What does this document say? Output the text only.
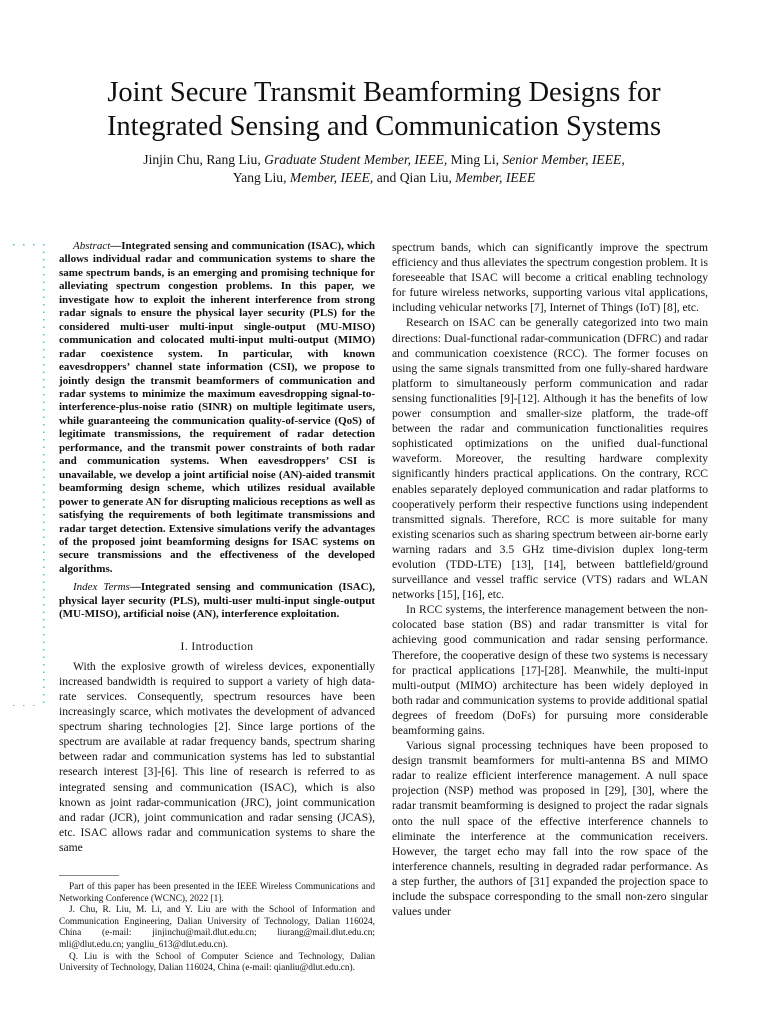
Joint Secure Transmit Beamforming Designs for
Integrated Sensing and Communication Systems
Jinjin Chu, Rang Liu, Graduate Student Member, IEEE, Ming Li, Senior Member, IEEE,
Yang Liu, Member, IEEE, and Qian Liu, Member, IEEE

Abstract—Integrated sensing and communication (ISAC), which allows individual radar and communication systems to share the same spectrum bands, is an emerging and promising technique for alleviating spectrum congestion problems. In this paper, we investigate how to exploit the inherent interference from strong radar signals to ensure the physical layer security (PLS) for the considered multi-user multi-input single-output (MU-MISO) communication and colocated multi-input multi-output (MIMO) radar coexistence system. In particular, with known eavesdroppers’ channel state information (CSI), we propose to jointly design the transmit beamformers of communication and radar systems to minimize the maximum eavesdropping signal-to-interference-plus-noise ratio (SINR) on multiple legitimate users, while guaranteeing the communication quality-of-service (QoS) of legitimate transmissions, the requirement of radar detection performance, and the transmit power constraints of both radar and communication systems. When eavesdroppers’ CSI is unavailable, we develop a joint artificial noise (AN)-aided transmit beamforming design scheme, which utilizes residual available power to generate AN for disrupting malicious receptions as well as satisfying the requirements of both legitimate transmissions and radar target detection. Extensive simulations verify the advantages of the proposed joint beamforming designs for ISAC systems on secure transmissions and the effectiveness of the developed algorithms.

Index Terms—Integrated sensing and communication (ISAC), physical layer security (PLS), multi-user multi-input single-output (MU-MISO), artificial noise (AN), interference exploitation.

I. Introduction

With the explosive growth of wireless devices, exponentially increased bandwidth is required to support a variety of high data-rate services. Consequently, spectrum resources have been increasingly scarce, which motivates the development of advanced spectrum sharing technologies [2]. Since large portions of the spectrum are available at radar frequency bands, spectrum sharing between radar and communication systems has led to substantial research interest [3]-[6]. This line of research is referred to as integrated sensing and communication (ISAC), which is also known as joint radar-communication (JRC), joint communication and radar (JCR), joint communication and radar sensing (JCAS), etc. ISAC allows radar and communication systems to share the same

spectrum bands, which can significantly improve the spectrum efficiency and thus alleviates the spectrum congestion problem. It is foreseeable that ISAC will become a critical enabling technology for future wireless networks, supporting various vital applications, including vehicular networks [7], Internet of Things (IoT) [8], etc.

Research on ISAC can be generally categorized into two main directions: Dual-functional radar-communication (DFRC) and radar and communication coexistence (RCC). The former focuses on using the same signals transmitted from one fully-shared hardware platform to simultaneously perform communication and radar sensing functionalities [9]-[12]. Although it has the benefits of low power consumption and smaller-size platform, the trade-off between the radar and communication functionalities requires sophisticated optimizations on the unified dual-functional waveform. Moreover, the resulting hardware complexity significantly hinders practical applications. On the contrary, RCC enables separately deployed communication and radar platforms to cooperatively perform their respective functions using independent transmitted signals. Therefore, RCC is more suitable for many existing scenarios such as sharing spectrum between air-borne early warning radars and 3.5 GHz time-division duplex long-term evolution (TDD-LTE) [13], [14], between battlefield/ground surveillance and vessel traffic service (VTS) radars and WLAN networks [15], [16], etc.

In RCC systems, the interference management between the non-colocated base station (BS) and radar transmitter is vital for achieving good communication and radar sensing performance. Therefore, the cooperative design of these two systems is necessary for practical applications [17]-[28]. Meanwhile, the multi-input multi-output (MIMO) architecture has been widely deployed in both radar and communication systems to provide additional spatial degrees of freedom (DoFs) for pursuing more considerable beamforming gains.

Various signal processing techniques have been proposed to design transmit beamformers for multi-antenna BS and MIMO radar to realize efficient interference management. A null space projection (NSP) method was proposed in [29], [30], where the radar transmit beamforming is designed to project the radar signals onto the null space of the effective interference channels to eliminate the interference at the communication receivers. However, the target echo may fall into the row space of the interference channels, resulting in degraded radar performance. As a step further, the authors of [31] expanded the projection space to include the subspace corresponding to the small non-zero singular values under

Part of this paper has been presented in the IEEE Wireless Communications and Networking Conference (WCNC), 2022 [1].

J. Chu, R. Liu, M. Li, and Y. Liu are with the School of Information and Communication Engineering, Dalian University of Technology, Dalian 116024, China (e-mail: jinjinchu@mail.dlut.edu.cn; liurang@mail.dlut.edu.cn; mli@dlut.edu.cn; yangliu_613@dlut.edu.cn).

Q. Liu is with the School of Computer Science and Technology, Dalian University of Technology, Dalian 116024, China (e-mail: qianliu@dlut.edu.cn).
